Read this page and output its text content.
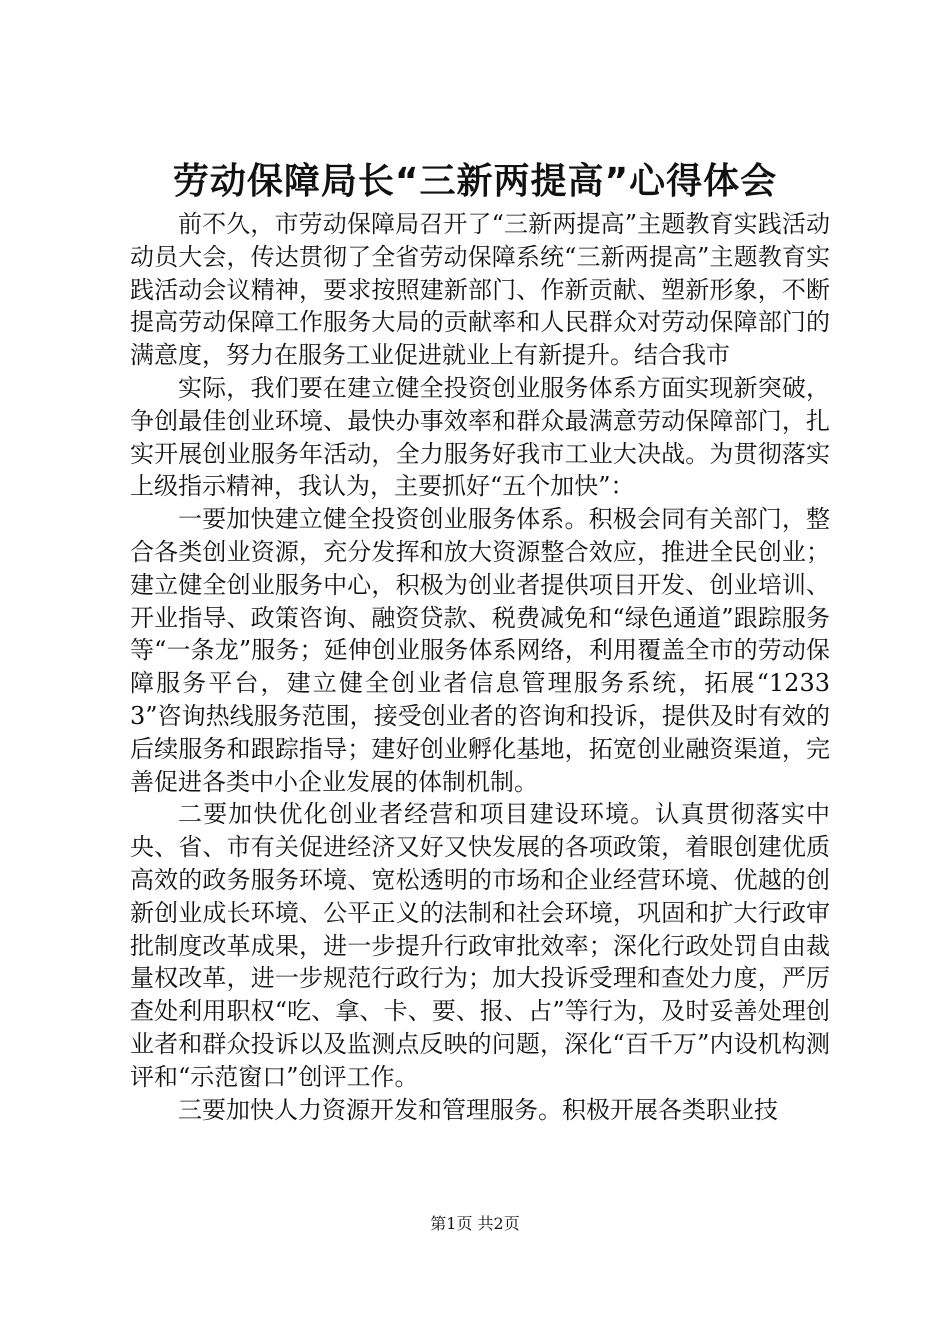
劳动保障局长“三新两提高”心得体会

前不久，市劳动保障局召开了“三新两提高”主题教育实践活动动员大会，传达贯彻了全省劳动保障系统“三新两提高”主题教育实践活动会议精神，要求按照建新部门、作新贡献、塑新形象，不断提高劳动保障工作服务大局的贡献率和人民群众对劳动保障部门的满意度，努力在服务工业促进就业上有新提升。结合我市

实际，我们要在建立健全投资创业服务体系方面实现新突破，争创最佳创业环境、最快办事效率和群众最满意劳动保障部门，扎实开展创业服务年活动，全力服务好我市工业大决战。为贯彻落实上级指示精神，我认为，主要抓好“五个加快”：

一要加快建立健全投资创业服务体系。积极会同有关部门，整合各类创业资源，充分发挥和放大资源整合效应，推进全民创业；建立健全创业服务中心，积极为创业者提供项目开发、创业培训、开业指导、政策咨询、融资贷款、税费减免和“绿色通道”跟踪服务等“一条龙”服务；延伸创业服务体系网络，利用覆盖全市的劳动保障服务平台，建立健全创业者信息管理服务系统，拓展“12333”咨询热线服务范围，接受创业者的咨询和投诉，提供及时有效的后续服务和跟踪指导；建好创业孵化基地，拓宽创业融资渠道，完善促进各类中小企业发展的体制机制。

二要加快优化创业者经营和项目建设环境。认真贯彻落实中央、省、市有关促进经济又好又快发展的各项政策，着眼创建优质高效的政务服务环境、宽松透明的市场和企业经营环境、优越的创新创业成长环境、公平正义的法制和社会环境，巩固和扩大行政审批制度改革成果，进一步提升行政审批效率；深化行政处罚自由裁量权改革，进一步规范行政行为；加大投诉受理和查处力度，严厉查处利用职权“吃、拿、卡、要、报、占”等行为，及时妥善处理创业者和群众投诉以及监测点反映的问题，深化“百千万”内设机构测评和“示范窗口”创评工作。

三要加快人力资源开发和管理服务。积极开展各类职业技

第1页 共2页
